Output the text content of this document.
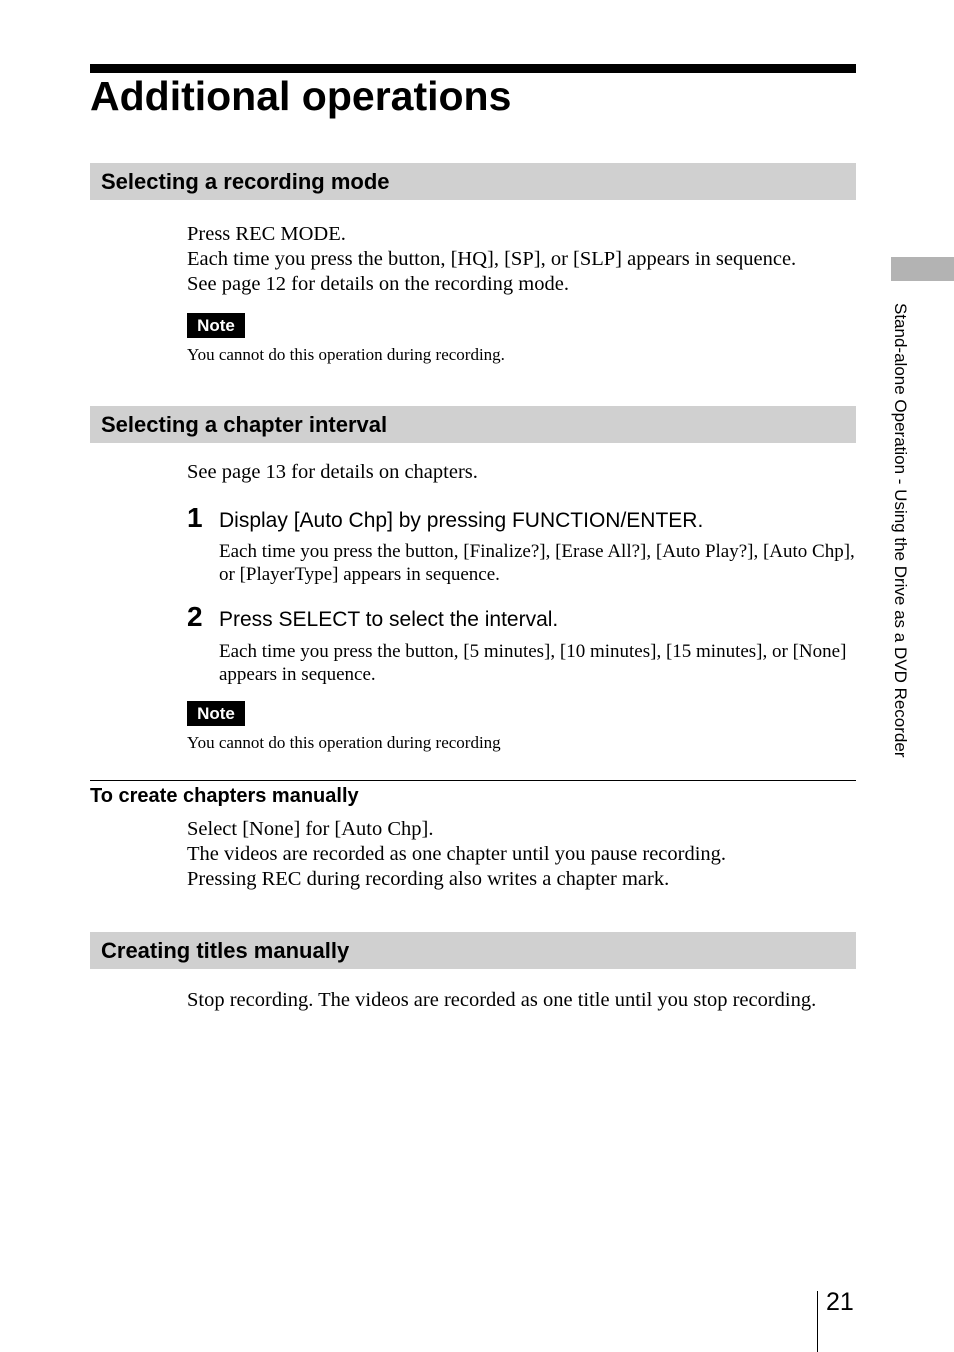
Additional operations
Selecting a recording mode

Press REC MODE.

Each time you press the button, [HQ], [SP], or [SLP] appears in sequence.

See page 12 for details on the recording mode.

Note

You cannot do this operation during recording.

Selecting a chapter interval

See page 13 for details on chapters.

1 Display [Auto Chp] by pressing FUNCTION/ENTER.

Each time you press the button, [Finalize?], [Erase All?], [Auto Play?], [Auto Chp], or [PlayerType] appears in sequence.

2 Press SELECT to select the interval.

Each time you press the button, [5 minutes], [10 minutes], [15 minutes], or [None] appears in sequence.

Note

You cannot do this operation during recording

To create chapters manually

Select [None] for [Auto Chp].

The videos are recorded as one chapter until you pause recording.

Pressing REC during recording also writes a chapter mark.

Creating titles manually

Stop recording. The videos are recorded as one title until you stop recording.

Stand-alone Operation - Using the Drive as a DVD Recorder
21
